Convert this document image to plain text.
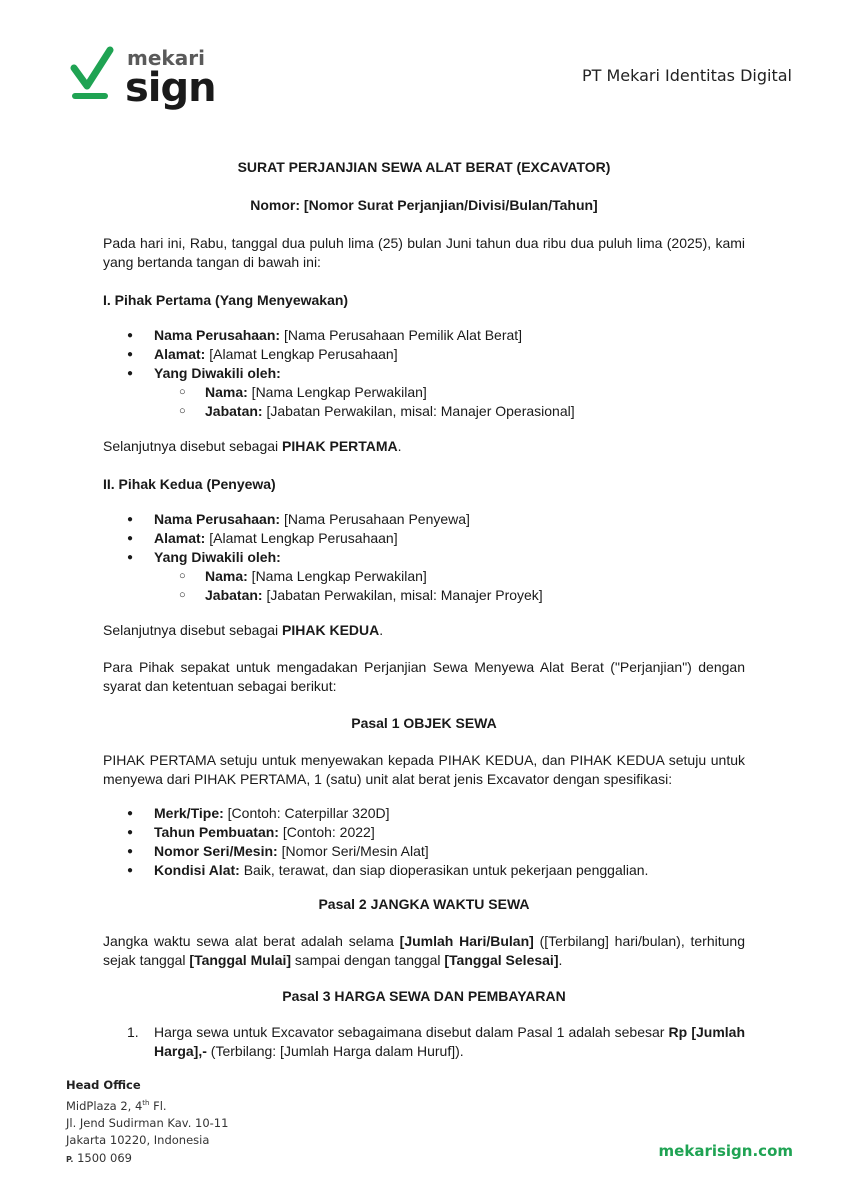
mekari
sign	PT Mekari Identitas Digital

SURAT PERJANJIAN SEWA ALAT BERAT (EXCAVATOR)

Nomor: [Nomor Surat Perjanjian/Divisi/Bulan/Tahun]

Pada hari ini, Rabu, tanggal dua puluh lima (25) bulan Juni tahun dua ribu dua puluh lima (2025), kami yang bertanda tangan di bawah ini:

I. Pihak Pertama (Yang Menyewakan)

● Nama Perusahaan: [Nama Perusahaan Pemilik Alat Berat]
● Alamat: [Alamat Lengkap Perusahaan]
● Yang Diwakili oleh:
○ Nama: [Nama Lengkap Perwakilan]
○ Jabatan: [Jabatan Perwakilan, misal: Manajer Operasional]

Selanjutnya disebut sebagai PIHAK PERTAMA.

II. Pihak Kedua (Penyewa)

● Nama Perusahaan: [Nama Perusahaan Penyewa]
● Alamat: [Alamat Lengkap Perusahaan]
● Yang Diwakili oleh:
○ Nama: [Nama Lengkap Perwakilan]
○ Jabatan: [Jabatan Perwakilan, misal: Manajer Proyek]

Selanjutnya disebut sebagai PIHAK KEDUA.

Para Pihak sepakat untuk mengadakan Perjanjian Sewa Menyewa Alat Berat ("Perjanjian") dengan syarat dan ketentuan sebagai berikut:

Pasal 1 OBJEK SEWA

PIHAK PERTAMA setuju untuk menyewakan kepada PIHAK KEDUA, dan PIHAK KEDUA setuju untuk menyewa dari PIHAK PERTAMA, 1 (satu) unit alat berat jenis Excavator dengan spesifikasi:

● Merk/Tipe: [Contoh: Caterpillar 320D]
● Tahun Pembuatan: [Contoh: 2022]
● Nomor Seri/Mesin: [Nomor Seri/Mesin Alat]
● Kondisi Alat: Baik, terawat, dan siap dioperasikan untuk pekerjaan penggalian.

Pasal 2 JANGKA WAKTU SEWA

Jangka waktu sewa alat berat adalah selama [Jumlah Hari/Bulan] ([Terbilang] hari/bulan), terhitung sejak tanggal [Tanggal Mulai] sampai dengan tanggal [Tanggal Selesai].

Pasal 3 HARGA SEWA DAN PEMBAYARAN

1. Harga sewa untuk Excavator sebagaimana disebut dalam Pasal 1 adalah sebesar Rp [Jumlah Harga],- (Terbilang: [Jumlah Harga dalam Huruf]).
Head Office
MidPlaza 2, 4th Fl.
Jl. Jend Sudirman Kav. 10-11
Jakarta 10220, Indonesia
P. 1500 069	mekarisign.com
